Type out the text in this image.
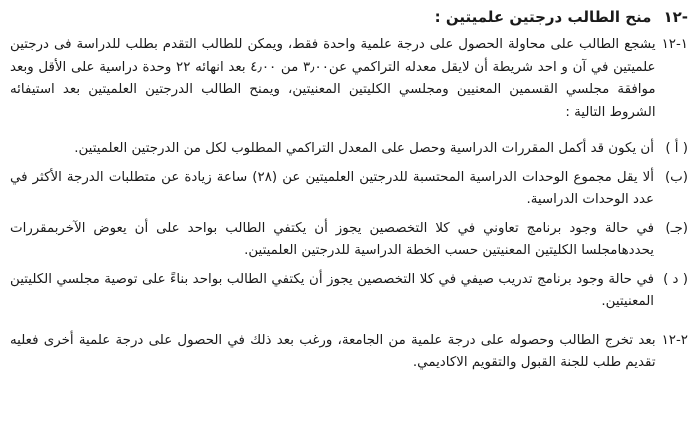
-١٢
منح الطالب درجتين علميتين :
١-١٢
يشجع الطالب على محاولة الحصول على درجة علمية واحدة فقط، ويمكن للطالب التقدم بطلب للدراسة فى درجتين علميتين في آن و احد شريطة أن لايقل معدله التراكمي عن٣٫٠٠ من ٤٫٠٠ بعد انهائه ٢٢ وحدة دراسية على الأقل وبعد موافقة مجلسي القسمين المعنيين ومجلسي الكليتين المعنيتين، ويمنح الطالب الدرجتين العلميتين بعد استيفائه الشروط التالية :
( أ )
أن يكون قد أكمل المقررات الدراسية وحصل على المعدل التراكمي المطلوب لكل من الدرجتين العلميتين.
(ب)
ألا يقل مجموع الوحدات الدراسية المحتسبة للدرجتين العلميتين عن (٢٨) ساعة زيادة عن متطلبات الدرجة الأكثر في عدد الوحدات الدراسية.
(جـ)
في حالة وجود برنامج تعاوني في كلا التخصصين يجوز أن يكتفي الطالب بواحد على أن يعوض الآخربمقررات يحددهامجلسا الكليتين المعنيتين حسب الخطة الدراسية للدرجتين العلميتين.
( د )
في حالة وجود برنامج تدريب صيفي في كلا التخصصين يجوز أن يكتفي الطالب بواحد بناءً على توصية مجلسي الكليتين المعنيتين.
٢-١٢
بعد تخرج الطالب وحصوله على درجة علمية من الجامعة، ورغب بعد ذلك في الحصول على درجة علمية أخرى فعليه تقديم طلب للجنة القبول والتقويم الاكاديمي.
